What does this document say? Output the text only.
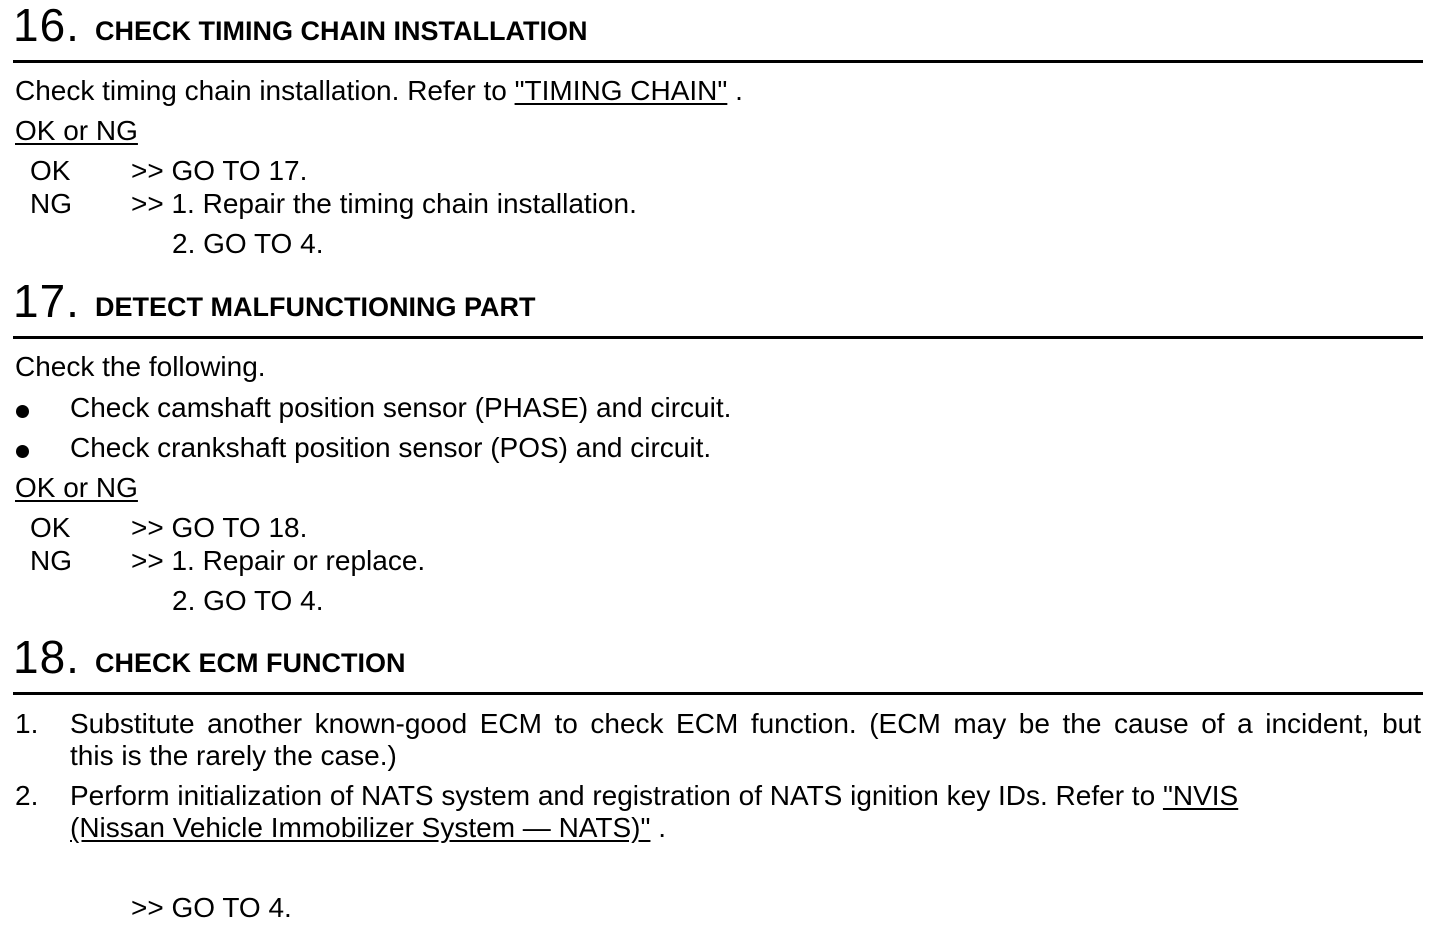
16. CHECK TIMING CHAIN INSTALLATION
Check timing chain installation. Refer to "TIMING CHAIN" .
OK or NG
OK >> GO TO 17.
NG >> 1. Repair the timing chain installation.
2. GO TO 4.
17. DETECT MALFUNCTIONING PART
Check the following.
Check camshaft position sensor (PHASE) and circuit.
Check crankshaft position sensor (POS) and circuit.
OK or NG
OK >> GO TO 18.
NG >> 1. Repair or replace.
2. GO TO 4.
18. CHECK ECM FUNCTION
1. Substitute another known-good ECM to check ECM function. (ECM may be the cause of a incident, but
this is the rarely the case.)
2. Perform initialization of NATS system and registration of NATS ignition key IDs. Refer to "NVIS
(Nissan Vehicle Immobilizer System — NATS)" .
>> GO TO 4.
